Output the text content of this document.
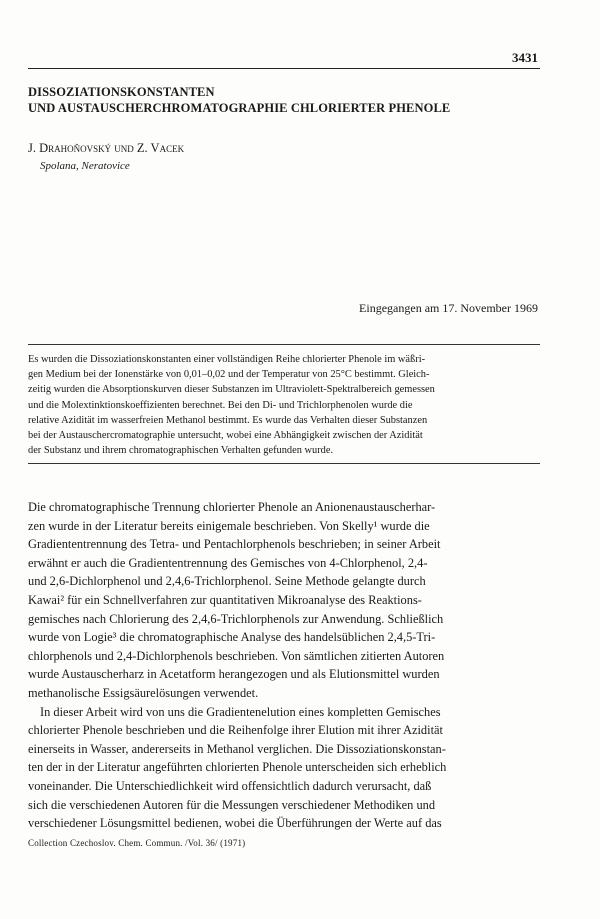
3431
DISSOZIATIONSKONSTANTEN
UND AUSTAUSCHERCHROMATOGRAPHIE CHLORIERTER PHENOLE
J. Drahoňovský und Z. Vacek
Spolana, Neratovice
Eingegangen am 17. November 1969
Es wurden die Dissoziationskonstanten einer vollständigen Reihe chlorierter Phenole im wäßri-
gen Medium bei der Ionenstärke von 0,01–0,02 und der Temperatur von 25°C bestimmt. Gleich-
zeitig wurden die Absorptionskurven dieser Substanzen im Ultraviolett-Spektralbereich gemessen
und die Molextinktionskoeffizienten berechnet. Bei den Di- und Trichlorphenolen wurde die
relative Azidität im wasserfreien Methanol bestimmt. Es wurde das Verhalten dieser Substanzen
bei der Austauschercromatographie untersucht, wobei eine Abhängigkeit zwischen der Azidität
der Substanz und ihrem chromatographischen Verhalten gefunden wurde.
Die chromatographische Trennung chlorierter Phenole an Anionenaustauscherhar-
zen wurde in der Literatur bereits einigemale beschrieben. Von Skelly¹ wurde die
Gradiententrennung des Tetra- und Pentachlorphenols beschrieben; in seiner Arbeit
erwähnt er auch die Gradiententrennung des Gemisches von 4-Chlorphenol, 2,4-
und 2,6-Dichlorphenol und 2,4,6-Trichlorphenol. Seine Methode gelangte durch
Kawai² für ein Schnellverfahren zur quantitativen Mikroanalyse des Reaktions-
gemisches nach Chlorierung des 2,4,6-Trichlorphenols zur Anwendung. Schließlich
wurde von Logie³ die chromatographische Analyse des handelsüblichen 2,4,5-Tri-
chlorphenols und 2,4-Dichlorphenols beschrieben. Von sämtlichen zitierten Autoren
wurde Austauscherharz in Acetatform herangezogen und als Elutionsmittel wurden
methanolische Essigsäurelösungen verwendet.
In dieser Arbeit wird von uns die Gradientenelution eines kompletten Gemisches
chlorierter Phenole beschrieben und die Reihenfolge ihrer Elution mit ihrer Azidität
einerseits in Wasser, andererseits in Methanol verglichen. Die Dissoziationskonstan-
ten der in der Literatur angeführten chlorierten Phenole unterscheiden sich erheblich
voneinander. Die Unterschiedlichkeit wird offensichtlich dadurch verursacht, daß
sich die verschiedenen Autoren für die Messungen verschiedener Methodiken und
verschiedener Lösungsmittel bedienen, wobei die Überführungen der Werte auf das
Collection Czechoslov. Chem. Commun. /Vol. 36/ (1971)
